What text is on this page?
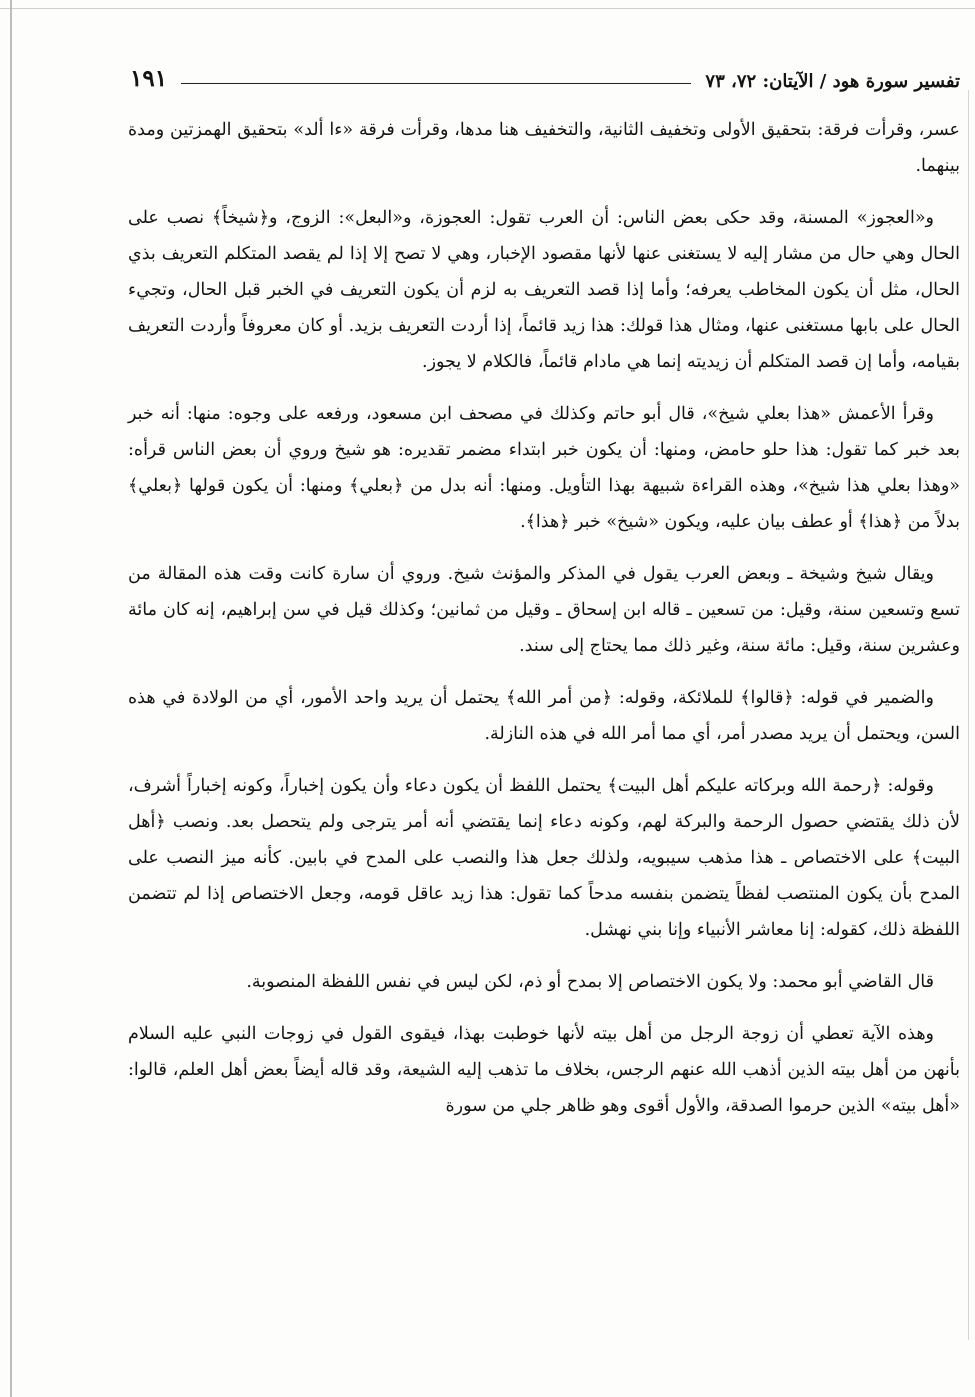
تفسير سورة هود / الآيتان: ٧٢، ٧٣
١٩١

عسر، وقرأت فرقة: بتحقيق الأولى وتخفيف الثانية، والتخفيف هنا مدها، وقرأت فرقة «ءا ألد» بتحقيق الهمزتين ومدة بينهما.

و«العجوز» المسنة، وقد حكى بعض الناس: أن العرب تقول: العجوزة، و«البعل»: الزوج، و﴿شيخاً﴾ نصب على الحال وهي حال من مشار إليه لا يستغنى عنها لأنها مقصود الإخبار، وهي لا تصح إلا إذا لم يقصد المتكلم التعريف بذي الحال، مثل أن يكون المخاطب يعرفه؛ وأما إذا قصد التعريف به لزم أن يكون التعريف في الخبر قبل الحال، وتجيء الحال على بابها مستغنى عنها، ومثال هذا قولك: هذا زيد قائماً، إذا أردت التعريف بزيد. أو كان معروفاً وأردت التعريف بقيامه، وأما إن قصد المتكلم أن زيديته إنما هي مادام قائماً، فالكلام لا يجوز.

وقرأ الأعمش «هذا بعلي شيخ»، قال أبو حاتم وكذلك في مصحف ابن مسعود، ورفعه على وجوه: منها: أنه خبر بعد خبر كما تقول: هذا حلو حامض، ومنها: أن يكون خبر ابتداء مضمر تقديره: هو شيخ وروي أن بعض الناس قرأه: «وهذا بعلي هذا شيخ»، وهذه القراءة شبيهة بهذا التأويل. ومنها: أنه بدل من ﴿بعلي﴾ ومنها: أن يكون قولها ﴿بعلي﴾ بدلاً من ﴿هذا﴾ أو عطف بيان عليه، ويكون «شيخ» خبر ﴿هذا﴾.

ويقال شيخ وشيخة ـ وبعض العرب يقول في المذكر والمؤنث شيخ. وروي أن سارة كانت وقت هذه المقالة من تسع وتسعين سنة، وقيل: من تسعين ـ قاله ابن إسحاق ـ وقيل من ثمانين؛ وكذلك قيل في سن إبراهيم، إنه كان مائة وعشرين سنة، وقيل: مائة سنة، وغير ذلك مما يحتاج إلى سند.

والضمير في قوله: ﴿قالوا﴾ للملائكة، وقوله: ﴿من أمر الله﴾ يحتمل أن يريد واحد الأمور، أي من الولادة في هذه السن، ويحتمل أن يريد مصدر أمر، أي مما أمر الله في هذه النازلة.

وقوله: ﴿رحمة الله وبركاته عليكم أهل البيت﴾ يحتمل اللفظ أن يكون دعاء وأن يكون إخباراً، وكونه إخباراً أشرف، لأن ذلك يقتضي حصول الرحمة والبركة لهم، وكونه دعاء إنما يقتضي أنه أمر يترجى ولم يتحصل بعد. ونصب ﴿أهل البيت﴾ على الاختصاص ـ هذا مذهب سيبويه، ولذلك جعل هذا والنصب على المدح في بابين. كأنه ميز النصب على المدح بأن يكون المنتصب لفظاً يتضمن بنفسه مدحاً كما تقول: هذا زيد عاقل قومه، وجعل الاختصاص إذا لم تتضمن اللفظة ذلك، كقوله: إنا معاشر الأنبياء وإنا بني نهشل.

قال القاضي أبو محمد: ولا يكون الاختصاص إلا بمدح أو ذم، لكن ليس في نفس اللفظة المنصوبة.

وهذه الآية تعطي أن زوجة الرجل من أهل بيته لأنها خوطبت بهذا، فيقوى القول في زوجات النبي عليه السلام بأنهن من أهل بيته الذين أذهب الله عنهم الرجس، بخلاف ما تذهب إليه الشيعة، وقد قاله أيضاً بعض أهل العلم، قالوا: «أهل بيته» الذين حرموا الصدقة، والأول أقوى وهو ظاهر جلي من سورة
